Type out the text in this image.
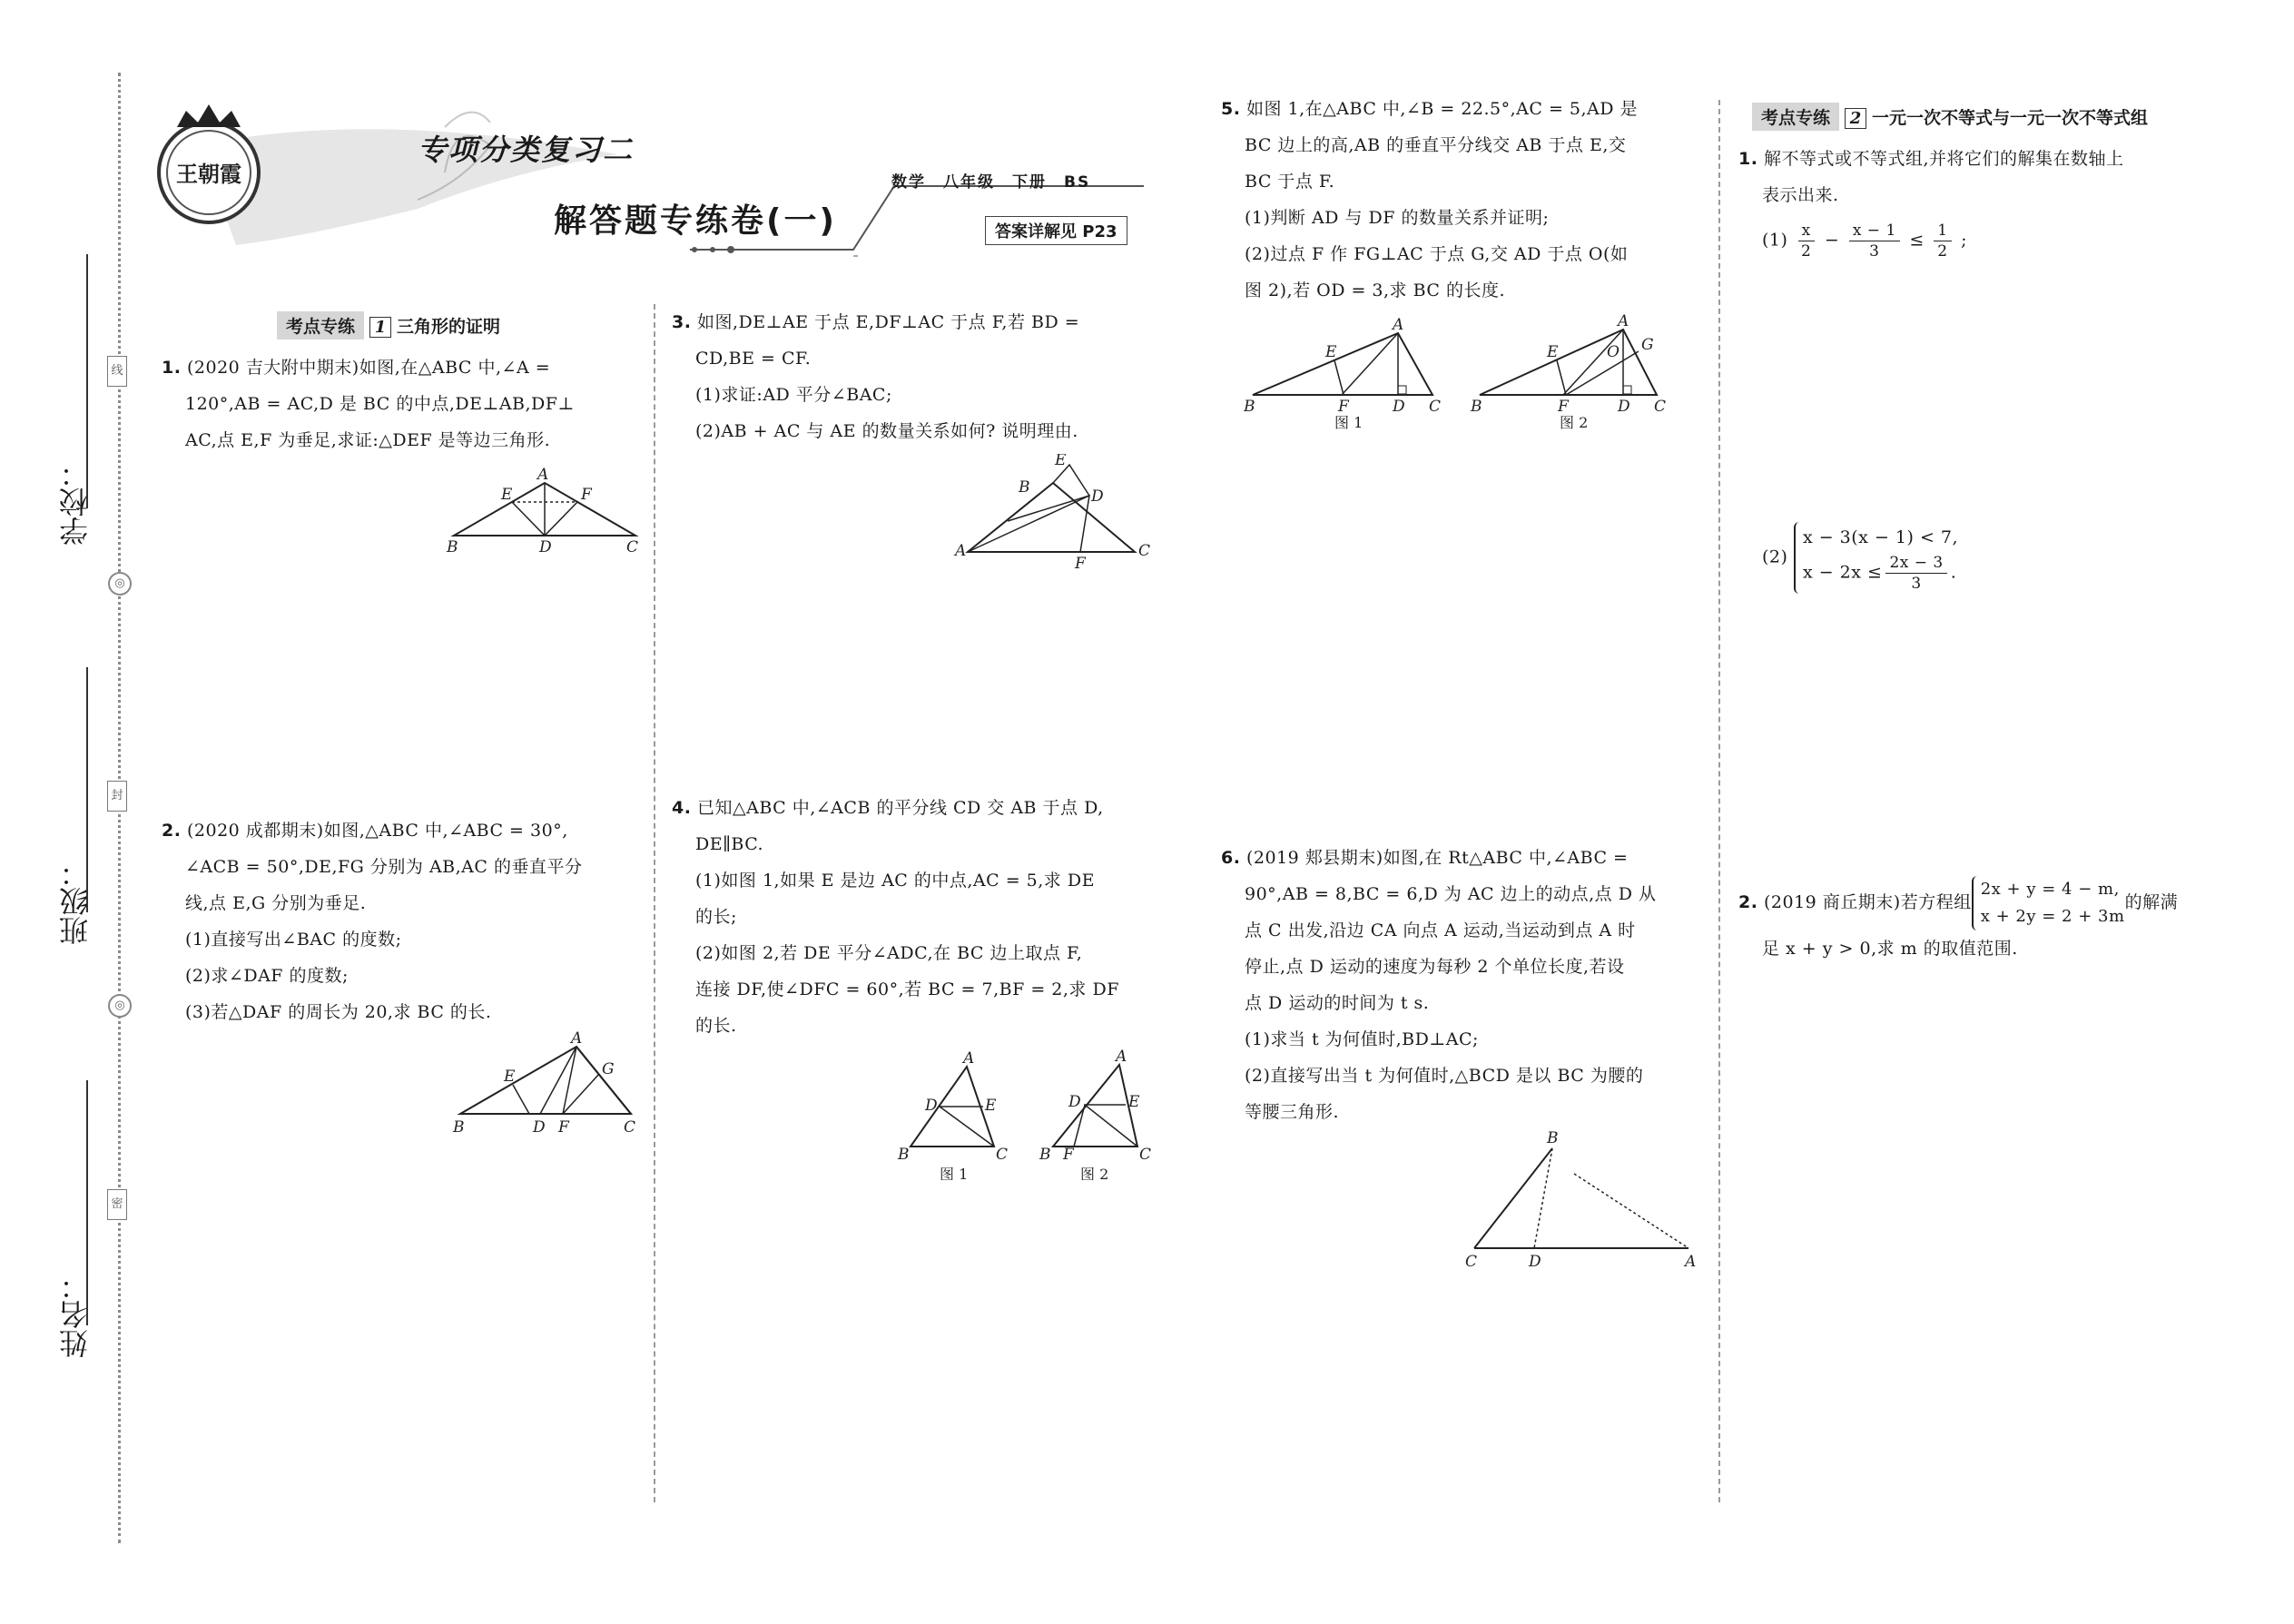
学校：
班级：
姓名：
线
◎
封
◎
密
王朝霞
专项分类复习二
解答题专练卷(一)
数学　八年级　下册　BS
答案详解见 P23
考点专练 1 三角形的证明

1. (2020 吉大附中期末)如图,在△ABC 中,∠A =

120°,AB = AC,D 是 BC 的中点,DE⊥AB,DF⊥

AC,点 E,F 为垂足,求证:△DEF 是等边三角形.

A
E	F
B	D	C

2. (2020 成都期末)如图,△ABC 中,∠ABC = 30°,

∠ACB = 50°,DE,FG 分别为 AB,AC 的垂直平分

线,点 E,G 分别为垂足.

(1)直接写出∠BAC 的度数;

(2)求∠DAF 的度数;

(3)若△DAF 的周长为 20,求 BC 的长.

A
E	G
B	D F	C

3. 如图,DE⊥AE 于点 E,DF⊥AC 于点 F,若 BD =

CD,BE = CF.

(1)求证:AD 平分∠BAC;

(2)AB + AC 与 AE 的数量关系如何? 说明理由.

E
B	D
A
F
C

4. 已知△ABC 中,∠ACB 的平分线 CD 交 AB 于点 D,

DE∥BC.

(1)如图 1,如果 E 是边 AC 的中点,AC = 5,求 DE

的长;

(2)如图 2,若 DE 平分∠ADC,在 BC 边上取点 F,

连接 DF,使∠DFC = 60°,若 BC = 7,BF = 2,求 DF

的长.

A
D	E
B	C
图 1
A
D	E
B F	C
图 2

5. 如图 1,在△ABC 中,∠B = 22.5°,AC = 5,AD 是

BC 边上的高,AB 的垂直平分线交 AB 于点 E,交

BC 于点 F.

(1)判断 AD 与 DF 的数量关系并证明;

(2)过点 F 作 FG⊥AC 于点 G,交 AD 于点 O(如

图 2),若 OD = 3,求 BC 的长度.

A
E
B	F	D C
图 1
A
E	O G
B	F	D C
图 2

6. (2019 郏县期末)如图,在 Rt△ABC 中,∠ABC =

90°,AB = 8,BC = 6,D 为 AC 边上的动点,点 D 从

点 C 出发,沿边 CA 向点 A 运动,当运动到点 A 时

停止,点 D 运动的速度为每秒 2 个单位长度,若设

点 D 运动的时间为 t s.

(1)求当 t 为何值时,BD⊥AC;

(2)直接写出当 t 为何值时,△BCD 是以 BC 为腰的

等腰三角形.

B
C	D	A
考点专练 2 一元一次不等式与一元一次不等式组

1. 解不等式或不等式组,并将它们的解集在数轴上

表示出来.

$(1) \frac{x}{2} - \frac{x - 1}{3} \le \frac{1}{2}$ ;

(2)
x − 3(x − 1) < 7,
$x - 2x \le \frac{2x - 3}{3}$ .

2. (2019 商丘期末)若方程组
2x + y = 4 − m,
x + 2y = 2 + 3m
的解满

足 x + y > 0,求 m 的取值范围.
